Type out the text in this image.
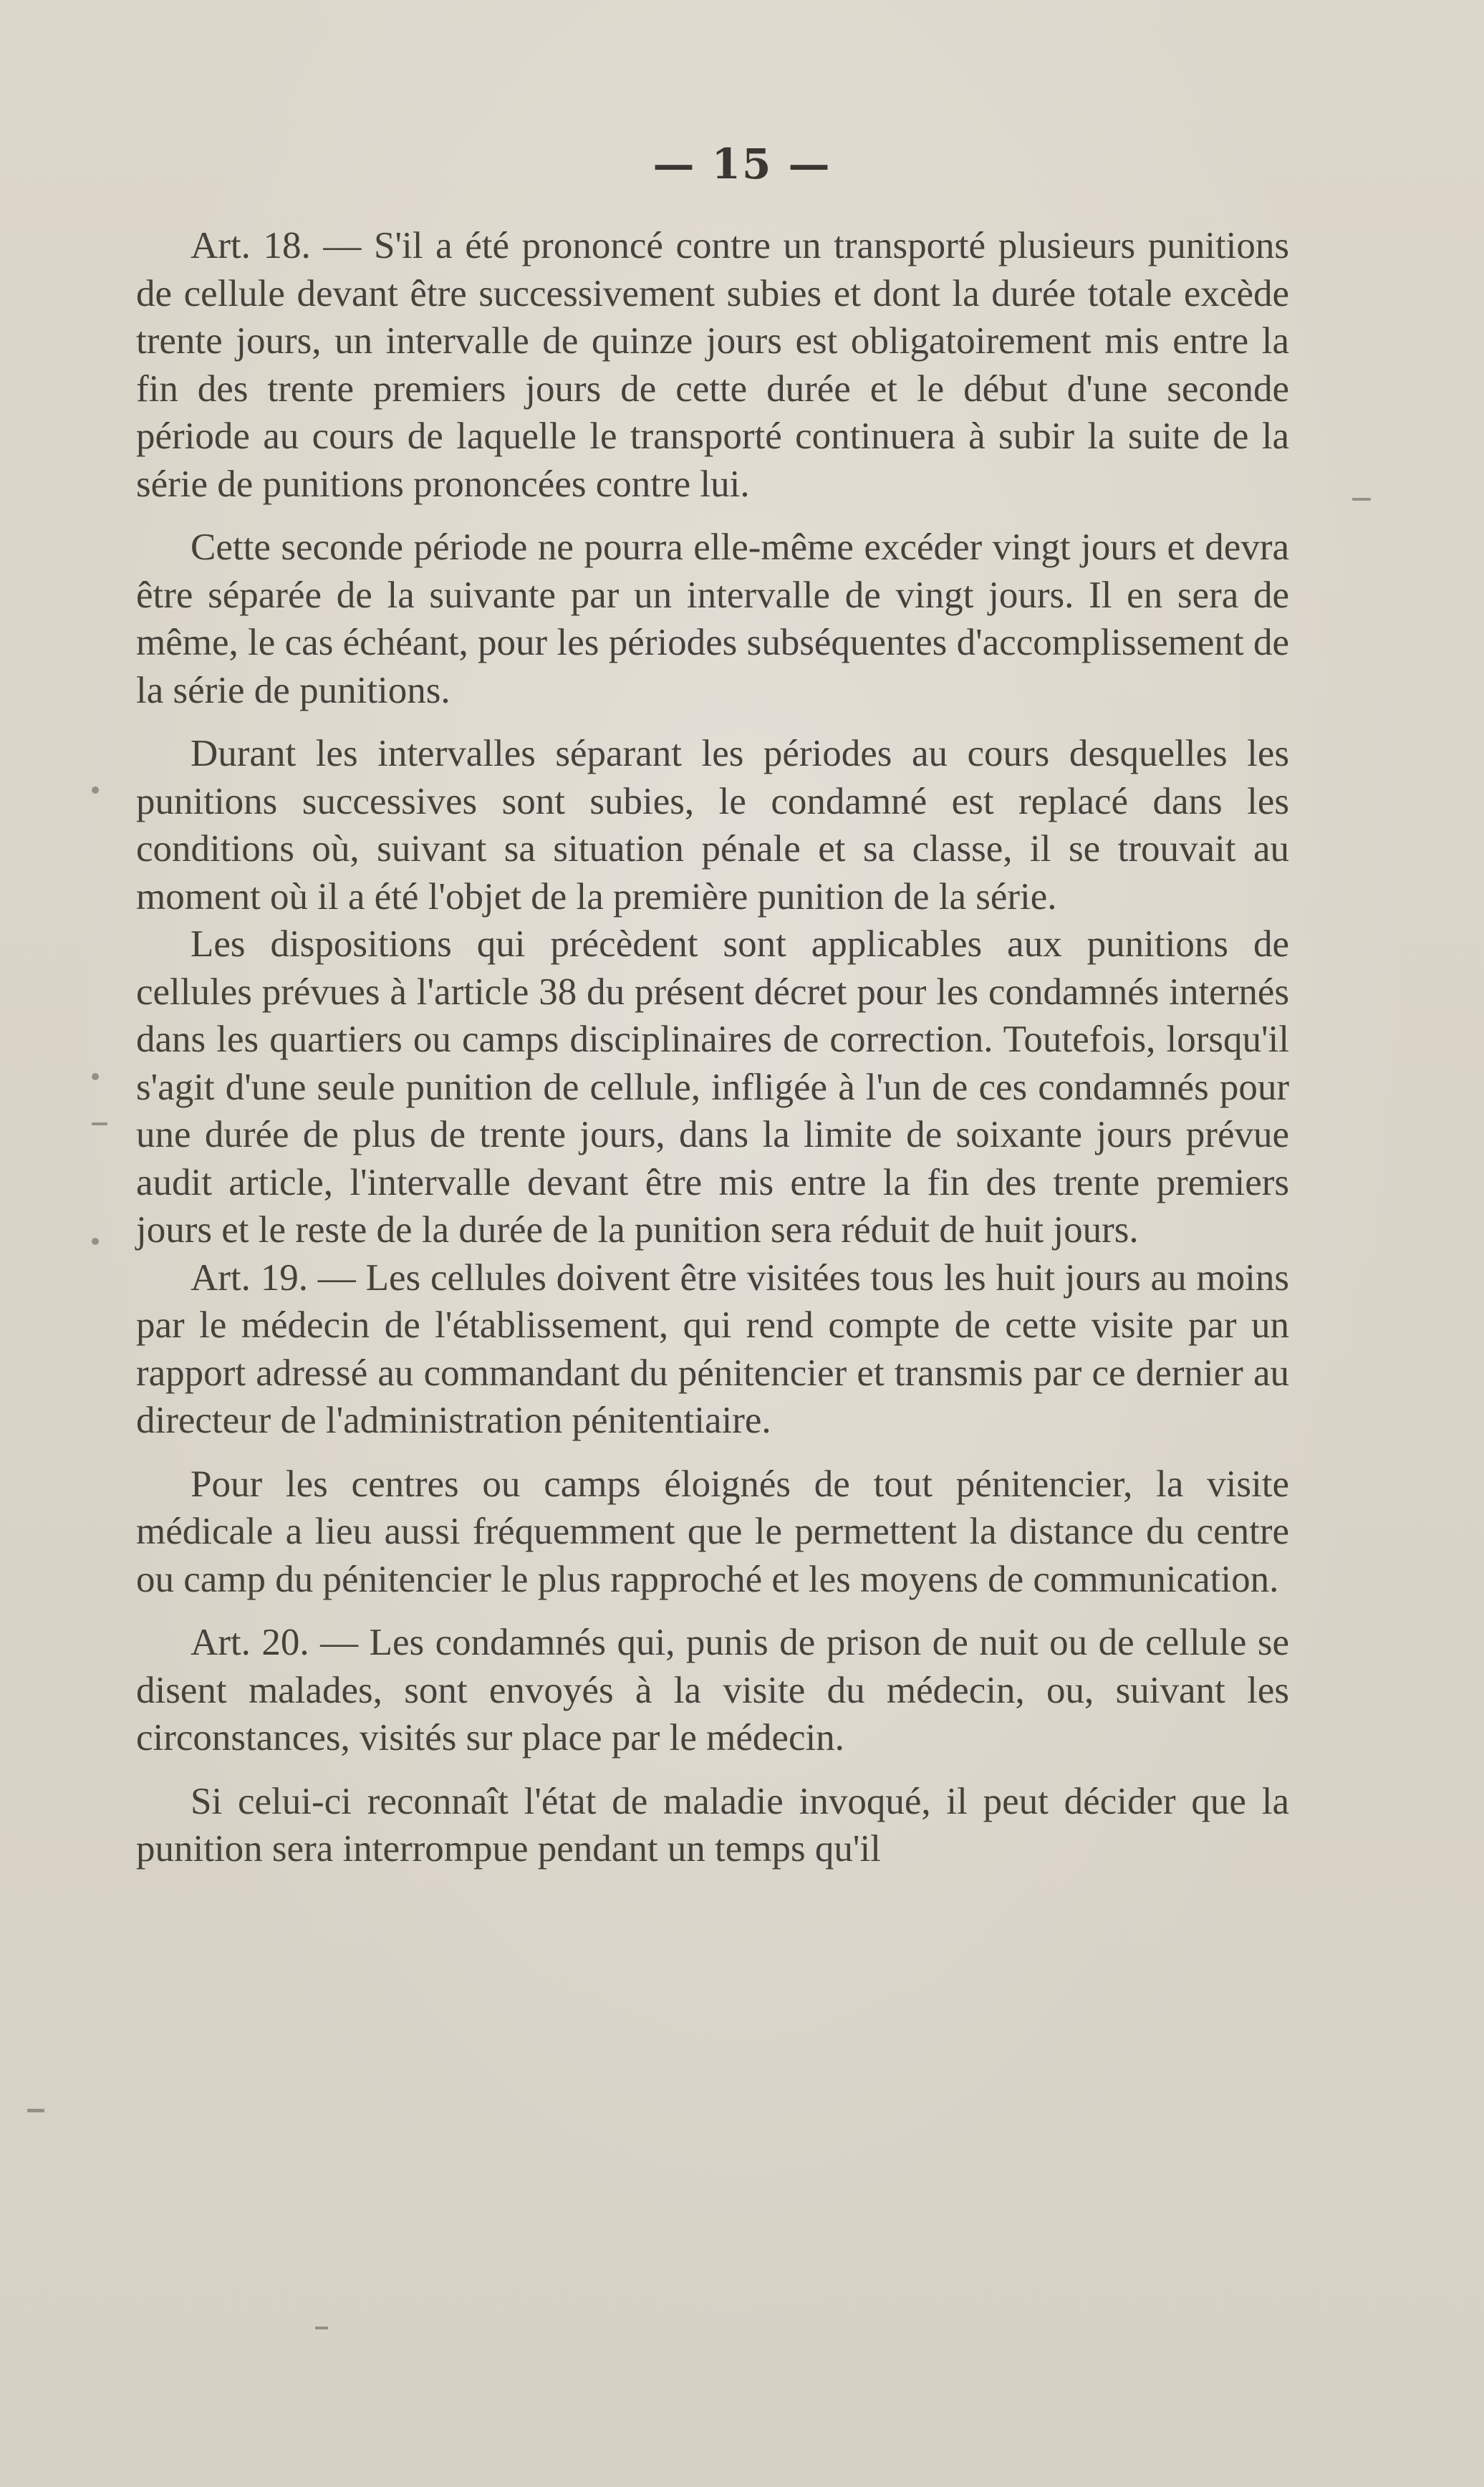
— 15 —

Art. 18. — S'il a été prononcé contre un transporté plusieurs punitions de cellule devant être successivement subies et dont la durée totale excède trente jours, un intervalle de quinze jours est obligatoirement mis entre la fin des trente premiers jours de cette durée et le début d'une seconde période au cours de laquelle le transporté continuera à subir la suite de la série de punitions prononcées contre lui.

Cette seconde période ne pourra elle-même excéder vingt jours et devra être séparée de la suivante par un intervalle de vingt jours. Il en sera de même, le cas échéant, pour les périodes subséquentes d'accomplissement de la série de punitions.

Durant les intervalles séparant les périodes au cours desquelles les punitions successives sont subies, le condamné est replacé dans les conditions où, suivant sa situation pénale et sa classe, il se trouvait au moment où il a été l'objet de la première punition de la série.

Les dispositions qui précèdent sont applicables aux punitions de cellules prévues à l'article 38 du présent décret pour les condamnés internés dans les quartiers ou camps disciplinaires de correction. Toutefois, lorsqu'il s'agit d'une seule punition de cellule, infligée à l'un de ces condamnés pour une durée de plus de trente jours, dans la limite de soixante jours prévue audit article, l'intervalle devant être mis entre la fin des trente premiers jours et le reste de la durée de la punition sera réduit de huit jours.

Art. 19. — Les cellules doivent être visitées tous les huit jours au moins par le médecin de l'établissement, qui rend compte de cette visite par un rapport adressé au commandant du pénitencier et transmis par ce dernier au directeur de l'administration pénitentiaire.

Pour les centres ou camps éloignés de tout pénitencier, la visite médicale a lieu aussi fréquemment que le permettent la distance du centre ou camp du pénitencier le plus rapproché et les moyens de communication.

Art. 20. — Les condamnés qui, punis de prison de nuit ou de cellule se disent malades, sont envoyés à la visite du médecin, ou, suivant les circonstances, visités sur place par le médecin.

Si celui-ci reconnaît l'état de maladie invoqué, il peut décider que la punition sera interrompue pendant un temps qu'il
